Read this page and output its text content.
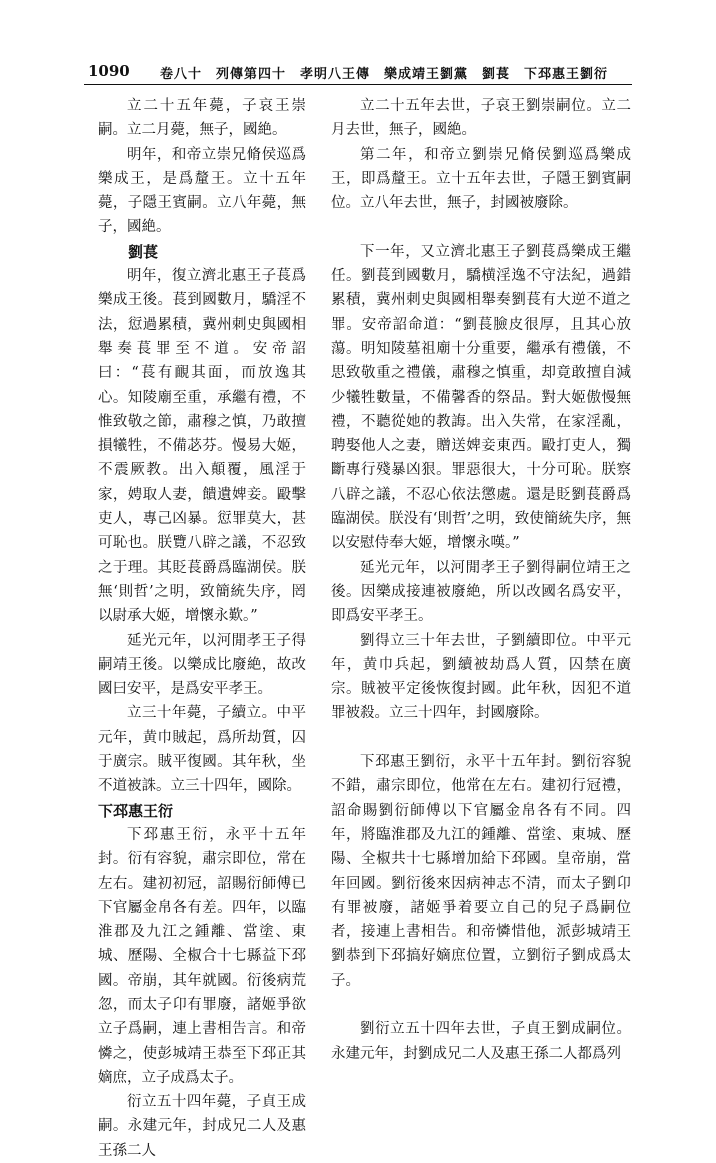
1090 卷八十　列傳第四十　孝明八王傳　樂成靖王劉黨　劉萇　下邳惠王劉衍

立二十五年薨，子哀王崇嗣。立二月薨，無子，國絶。

明年，和帝立崇兄脩侯巡爲樂成王，是爲釐王。立十五年薨，子隱王賓嗣。立八年薨，無子，國絶。

劉萇

明年，復立濟北惠王子萇爲樂成王後。萇到國數月，驕淫不法，愆過累積，冀州刺史與國相舉奏萇罪至不道。安帝詔曰：“萇有靦其面，而放逸其心。知陵廟至重，承繼有禮，不惟致敬之節，肅穆之慎，乃敢擅損犧牲，不備苾芬。慢易大姬，不震厥教。出入顛覆，風淫于家，娉取人妻，饋遺婢妾。毆擊吏人，專己凶暴。愆罪莫大，甚可恥也。朕覽八辟之議，不忍致之于理。其貶萇爵爲臨湖侯。朕無‘則哲’之明，致簡統失序，罔以尉承大姬，增懷永歎。”

延光元年，以河閒孝王子得嗣靖王後。以樂成比廢絶，故改國曰安平，是爲安平孝王。

立三十年薨，子續立。中平元年，黄巾賊起，爲所劫質，囚于廣宗。賊平復國。其年秋，坐不道被誅。立三十四年，國除。

下邳惠王衍

下邳惠王衍，永平十五年封。衍有容貌，肅宗即位，常在左右。建初初冠，詔賜衍師傅已下官屬金帛各有差。四年，以臨淮郡及九江之鍾離、當塗、東城、歷陽、全椒合十七縣益下邳國。帝崩，其年就國。衍後病荒忽，而太子卬有罪廢，諸姬爭欲立子爲嗣，連上書相告言。和帝憐之，使彭城靖王恭至下邳正其嫡庶，立子成爲太子。

衍立五十四年薨，子貞王成嗣。永建元年，封成兄二人及惠王孫二人

立二十五年去世，子哀王劉崇嗣位。立二月去世，無子，國絶。

第二年，和帝立劉崇兄脩侯劉巡爲樂成王，即爲釐王。立十五年去世，子隱王劉賓嗣位。立八年去世，無子，封國被廢除。

下一年，又立濟北惠王子劉萇爲樂成王繼任。劉萇到國數月，驕横淫逸不守法紀，過錯累積，冀州刺史與國相舉奏劉萇有大逆不道之罪。安帝詔命道：“劉萇臉皮很厚，且其心放蕩。明知陵墓祖廟十分重要，繼承有禮儀，不思致敬重之禮儀，肅穆之慎重，却竟敢擅自減少犧牲數量，不備馨香的祭品。對大姬傲慢無禮，不聽從她的教誨。出入失常，在家淫亂，聘娶他人之妻，贈送婢妾東西。毆打吏人，獨斷專行殘暴凶狠。罪惡很大，十分可恥。朕察八辟之議，不忍心依法懲處。還是貶劉萇爵爲臨湖侯。朕没有‘則哲’之明，致使簡統失序，無以安慰侍奉大姬，增懷永嘆。”

延光元年，以河閒孝王子劉得嗣位靖王之後。因樂成接連被廢絶，所以改國名爲安平，即爲安平孝王。

劉得立三十年去世，子劉續即位。中平元年，黄巾兵起，劉續被劫爲人質，囚禁在廣宗。賊被平定後恢復封國。此年秋，因犯不道罪被殺。立三十四年，封國廢除。

下邳惠王劉衍，永平十五年封。劉衍容貌不錯，肅宗即位，他常在左右。建初行冠禮，詔命賜劉衍師傅以下官屬金帛各有不同。四年，將臨淮郡及九江的鍾離、當塗、東城、歷陽、全椒共十七縣增加給下邳國。皇帝崩，當年回國。劉衍後來因病神志不清，而太子劉卬有罪被廢，諸姬爭着要立自己的兒子爲嗣位者，接連上書相告。和帝憐惜他，派彭城靖王劉恭到下邳搞好嫡庶位置，立劉衍子劉成爲太子。

劉衍立五十四年去世，子貞王劉成嗣位。永建元年，封劉成兄二人及惠王孫二人都爲列
